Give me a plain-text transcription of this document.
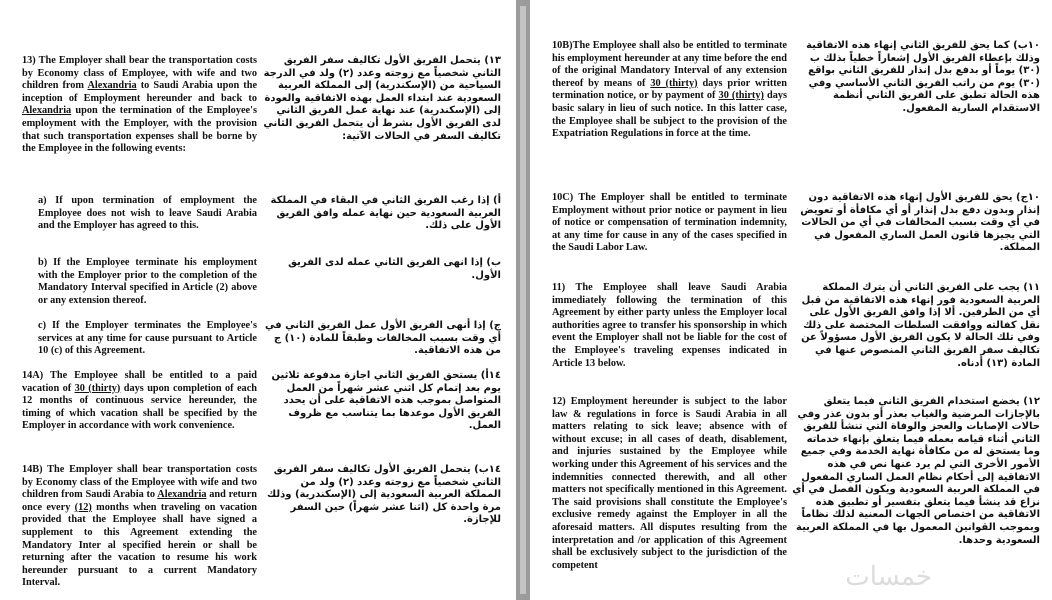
13) The Employer shall bear the transportation costs by Economy class of Employee, with wife and two children from Alexandria to Saudi Arabia upon the inception of Employment hereunder and back to Alexandria upon the termination of the Employee's employment with the Employer, with the provision that such transportation expenses shall be borne by the Employee in the following events:
١٣) يتحمل الفريق الأول تكاليف سفر الفريق الثاني شخصياً مع زوجته وعدد (٢) ولد في الدرجة السياحية من (الإسكندرية) إلى المملكة العربية السعودية عند ابتداء العمل بهذه الاتفاقية والعودة إلى (الإسكندرية) عند نهاية عمل الفريق الثاني لدى الفريق الأول بشرط أن يتحمل الفريق الثاني تكاليف السفر في الحالات الآتية:
a) If upon termination of employment the Employee does not wish to leave Saudi Arabia and the Employer has agreed to this.
أ) إذا رغب الفريق الثاني في البقاء في المملكة العربية السعودية حين نهاية عمله وافق الفريق الأول على ذلك.
b) If the Employee terminate his employment with the Employer prior to the completion of the Mandatory Interval specified in Article (2) above or any extension thereof.
ب) إذا انهى الفريق الثاني عمله لدى الفريق الأول.
c) If the Employer terminates the Employee's services at any time for cause pursuant to Article 10 (c) of this Agreement.
ج) إذا أنهى الفريق الأول عمل الفريق الثاني في أي وقت بسبب المخالفات وطبقاً للمادة (١٠) ج من هذه الاتفاقية.
14A) The Employee shall be entitled to a paid vacation of 30 (thirty) days upon completion of each 12 months of continuous service hereunder, the timing of which vacation shall be specified by the Employer in accordance with work convenience.
١٤أ) يستحق الفريق الثاني اجازة مدفوعة ثلاثين يوم بعد إتمام كل اثني عشر شهراً من العمل المتواصل بموجب هذه الاتفاقية على أن يحدد الفريق الأول موعدها بما يتناسب مع ظروف العمل.
14B) The Employer shall bear transportation costs by Economy class of the Employee with wife and two children from Saudi Arabia to Alexandria and return once every (12) months when traveling on vacation provided that the Employee shall have signed a supplement to this Agreement extending the Mandatory Inter al specified herein or shall be returning after the vacation to resume his work hereunder pursuant to a current Mandatory Interval.
١٤ب) يتحمل الفريق الأول تكاليف سفر الفريق الثاني شخصياً مع زوجته وعدد (٢) ولد من المملكة العربية السعودية إلى (الإسكندرية) وذلك مرة واحدة كل (اثنا عشر شهراً) حين السفر للإجازة.
10B)The Employee shall also be entitled to terminate his employment hereunder at any time before the end of the original Mandatory Interval of any extension thereof by means of 30 (thirty) days prior written termination notice, or by payment of 30 (thirty) days basic salary in lieu of such notice. In this latter case, the Employee shall be subject to the provision of the Expatriation Regulations in force at the time.
١٠ب) كما يحق للفريق الثاني إنهاء هذه الاتفاقية وذلك بإعطاء الفريق الأول إشعاراً خطياً بذلك ب (٣٠) يوماً أو بدفع بدل إنذار للفريق الثاني بواقع (٣٠) يوم من راتب الفريق الثاني الأساسي وفي هذه الحالة تطبق على الفريق الثاني أنظمة الاستقدام السارية المفعول.
10C) The Employer shall be entitled to terminate Employment without prior notice or payment in lieu of notice or compensation of termination indemnity, at any time for cause in any of the cases specified in the Saudi Labor Law.
١٠ج) يحق للفريق الأول إنهاء هذه الاتفاقية دون إنذار وبدون دفع بدل إنذار أو أي مكافأة أو تعويض في أي وقت بسبب المخالفات في أي من الحالات التي يجيزها قانون العمل الساري المفعول في المملكة.
11) The Employee shall leave Saudi Arabia immediately following the termination of this Agreement by either party unless the Employer local authorities agree to transfer his sponsorship in which event the Employer shall not be liable for the cost of the Employee's traveling expenses indicated in Article 13 below.
١١) يجب على الفريق الثاني أن يترك المملكة العربية السعودية فور إنهاء هذه الاتفاقية من قبل أي من الطرفين. ألا إذا وافق الفريق الأول على نقل كفالته ووافقت السلطات المختصة على ذلك وفي تلك الحالة لا يكون الفريق الأول مسؤولاً عن تكاليف سفر الفريق الثاني المنصوص عنها في المادة (١٣) أدناه.
12) Employment hereunder is subject to the labor law & regulations in force is Saudi Arabia in all matters relating to sick leave; absence with of without excuse; in all cases of death, disablement, and injuries sustained by the Employee while working under this Agreement of his services and the indemnities connected therewith, and all other matters not specifically mentioned in this Agreement. The said provisions shall constitute the Employee's exclusive remedy against the Employer in all the aforesaid matters. All disputes resulting from the interpretation and /or application of this Agreement shall be exclusively subject to the jurisdiction of the competent
١٢) يخضع استخدام الفريق الثاني فيما يتعلق بالإجازات المرضية والغياب بعذر أو بدون عذر وفي حالات الإصابات والعجز والوفاة التي تنشأ للفريق الثاني أثناء قيامه بعمله فيما يتعلق بإنهاء خدماته وما يستحق له من مكافأة نهاية الخدمة وفي جميع الأمور الأخرى التي لم يرد عنها نص في هذه الاتفاقية إلى أحكام نظام العمل الساري المفعول في المملكة العربية السعودية ويكون الفصل في أي نزاع قد ينشأ فيما يتعلق بتفسير أو تطبيق هذه الاتفاقية من اختصاص الجهات المعنية لذلك نظاماً وبموجب القوانين المعمول بها في المملكة العربية السعودية وحدها.
خمسات
